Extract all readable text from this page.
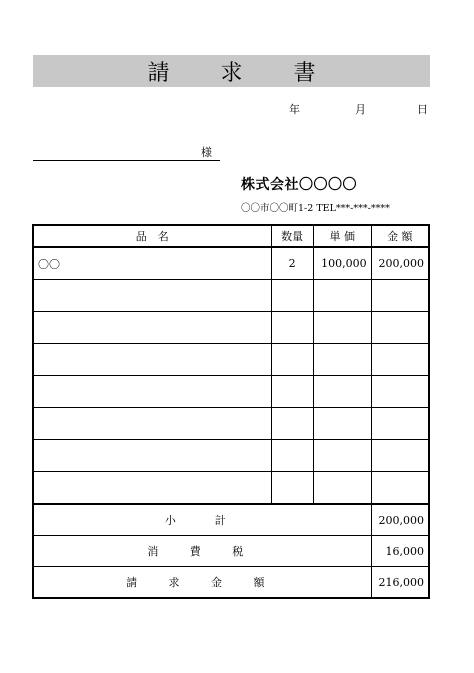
請 求 書
年	月	日
様
株式会社〇〇〇〇
〇〇市〇〇町1-2 TEL***-***-****
品　名	数量	単 価	金 額
〇〇	2	100,000	200,000

小　計			200,000
消 費 税			16,000
請 求 金 額			216,000
